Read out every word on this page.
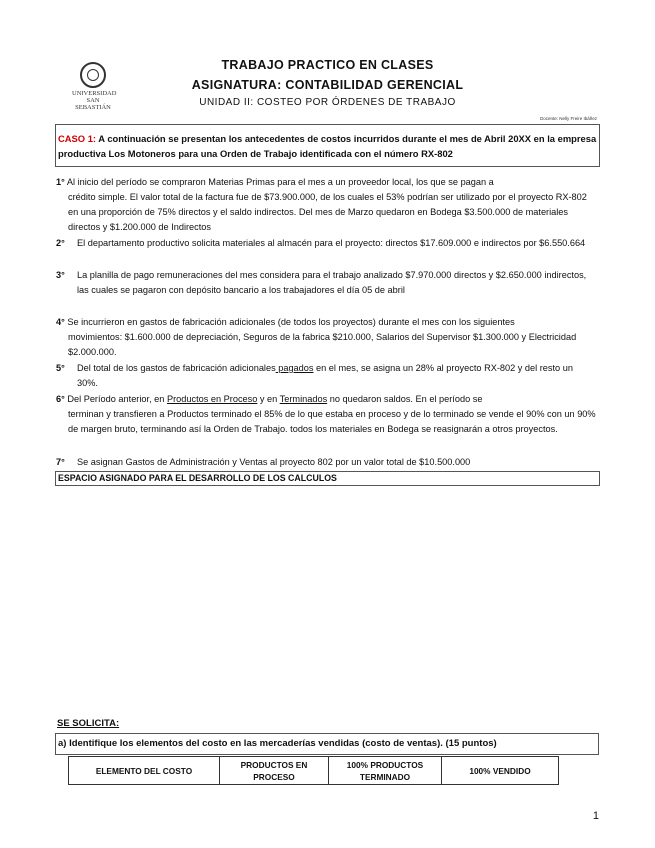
UNIVERSIDAD SAN SEBASTIÁN
TRABAJO PRACTICO EN CLASES
ASIGNATURA: CONTABILIDAD GERENCIAL
UNIDAD II: COSTEO POR ÓRDENES DE TRABAJO
Docente: Nelly Freire Ibáñez
CASO 1: A continuación se presentan los antecedentes de costos incurridos durante el mes de Abril 20XX en la empresa productiva Los Motoneros para una Orden de Trabajo identificada con el número RX-802
1° Al inicio del período se compraron Materias Primas para el mes a un proveedor local, los que se pagan a
crédito simple. El valor total de la factura fue de $73.900.000, de los cuales el 53% podrían ser utilizado por el proyecto RX-802 en una proporción de 75% directos y el saldo indirectos. Del mes de Marzo quedaron en Bodega $3.500.000 de materiales directos y $1.200.000 de Indirectos
2°	El departamento productivo solicita materiales al almacén para el proyecto: directos $17.609.000 e indirectos por $6.550.664
3°	La planilla de pago remuneraciones del mes considera para el trabajo analizado $7.970.000 directos y $2.650.000 indirectos, las cuales se pagaron con depósito bancario a los trabajadores el día 05 de abril
4° Se incurrieron en gastos de fabricación adicionales (de todos los proyectos) durante el mes con los siguientes
movimientos: $1.600.000 de depreciación, Seguros de la fabrica $210.000, Salarios del Supervisor $1.300.000 y Electricidad $2.000.000.
5°	Del total de los gastos de fabricación adicionales pagados en el mes, se asigna un 28% al proyecto RX-802 y del resto un 30%.
6° Del Período anterior, en Productos en Proceso y en Terminados no quedaron saldos. En el período se
terminan y transfieren a Productos terminado el 85% de lo que estaba en proceso y de lo terminado se vende el 90% con un 90% de margen bruto, terminando así la Orden de Trabajo. todos los materiales en Bodega se reasignarán a otros proyectos.
7°	Se asignan Gastos de Administración y Ventas al proyecto 802 por un valor total de $10.500.000
ESPACIO ASIGNADO PARA EL DESARROLLO DE LOS CALCULOS
SE SOLICITA:
a) Identifique los elementos del costo en las mercaderías vendidas (costo de ventas). (15 puntos)
ELEMENTO DEL COSTO	PRODUCTOS EN PROCESO	100% PRODUCTOS TERMINADO	100% VENDIDO
1
